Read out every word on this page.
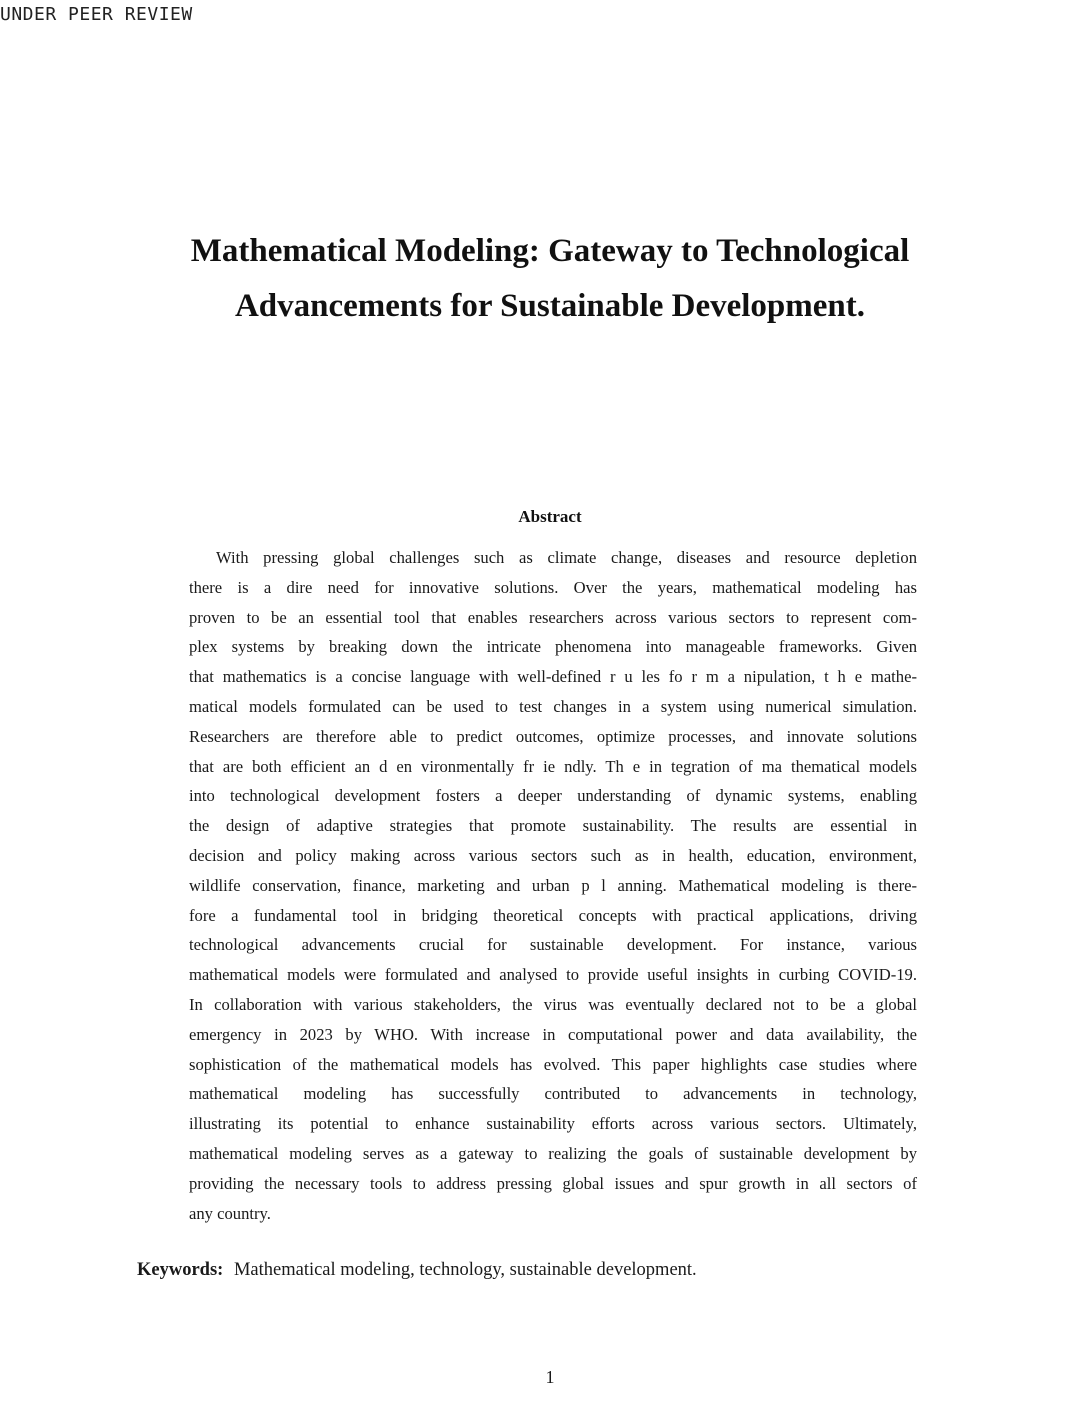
UNDER PEER REVIEW
Mathematical Modeling: Gateway to Technological
Advancements for Sustainable Development.
Abstract
With pressing global challenges such as climate change, diseases and resource depletion
there is a dire need for innovative solutions. Over the years, mathematical modeling has
proven to be an essential tool that enables researchers across various sectors to represent com-
plex systems by breaking down the intricate phenomena into manageable frameworks. Given
that mathematics is a concise language with well-defined r u les fo r m a nipulation, t h e mathe-
matical models formulated can be used to test changes in a system using numerical simulation.
Researchers are therefore able to predict outcomes, optimize processes, and innovate solutions
that are both efficient an d en vironmentally fr ie ndly. Th e in tegration of ma thematical models
into technological development fosters a deeper understanding of dynamic systems, enabling
the design of adaptive strategies that promote sustainability. The results are essential in
decision and policy making across various sectors such as in health, education, environment,
wildlife conservation, finance, marketing and urban p l anning. Mathematical modeling is there-
fore a fundamental tool in bridging theoretical concepts with practical applications, driving
technological advancements crucial for sustainable development. For instance, various
mathematical models were formulated and analysed to provide useful insights in curbing COVID-19.
In collaboration with various stakeholders, the virus was eventually declared not to be a global
emergency in 2023 by WHO. With increase in computational power and data availability, the
sophistication of the mathematical models has evolved. This paper highlights case studies where
mathematical modeling has successfully contributed to advancements in technology,
illustrating its potential to enhance sustainability efforts across various sectors. Ultimately,
mathematical modeling serves as a gateway to realizing the goals of sustainable development by
providing the necessary tools to address pressing global issues and spur growth in all sectors of
any country.
Keywords: Mathematical modeling, technology, sustainable development.
1
